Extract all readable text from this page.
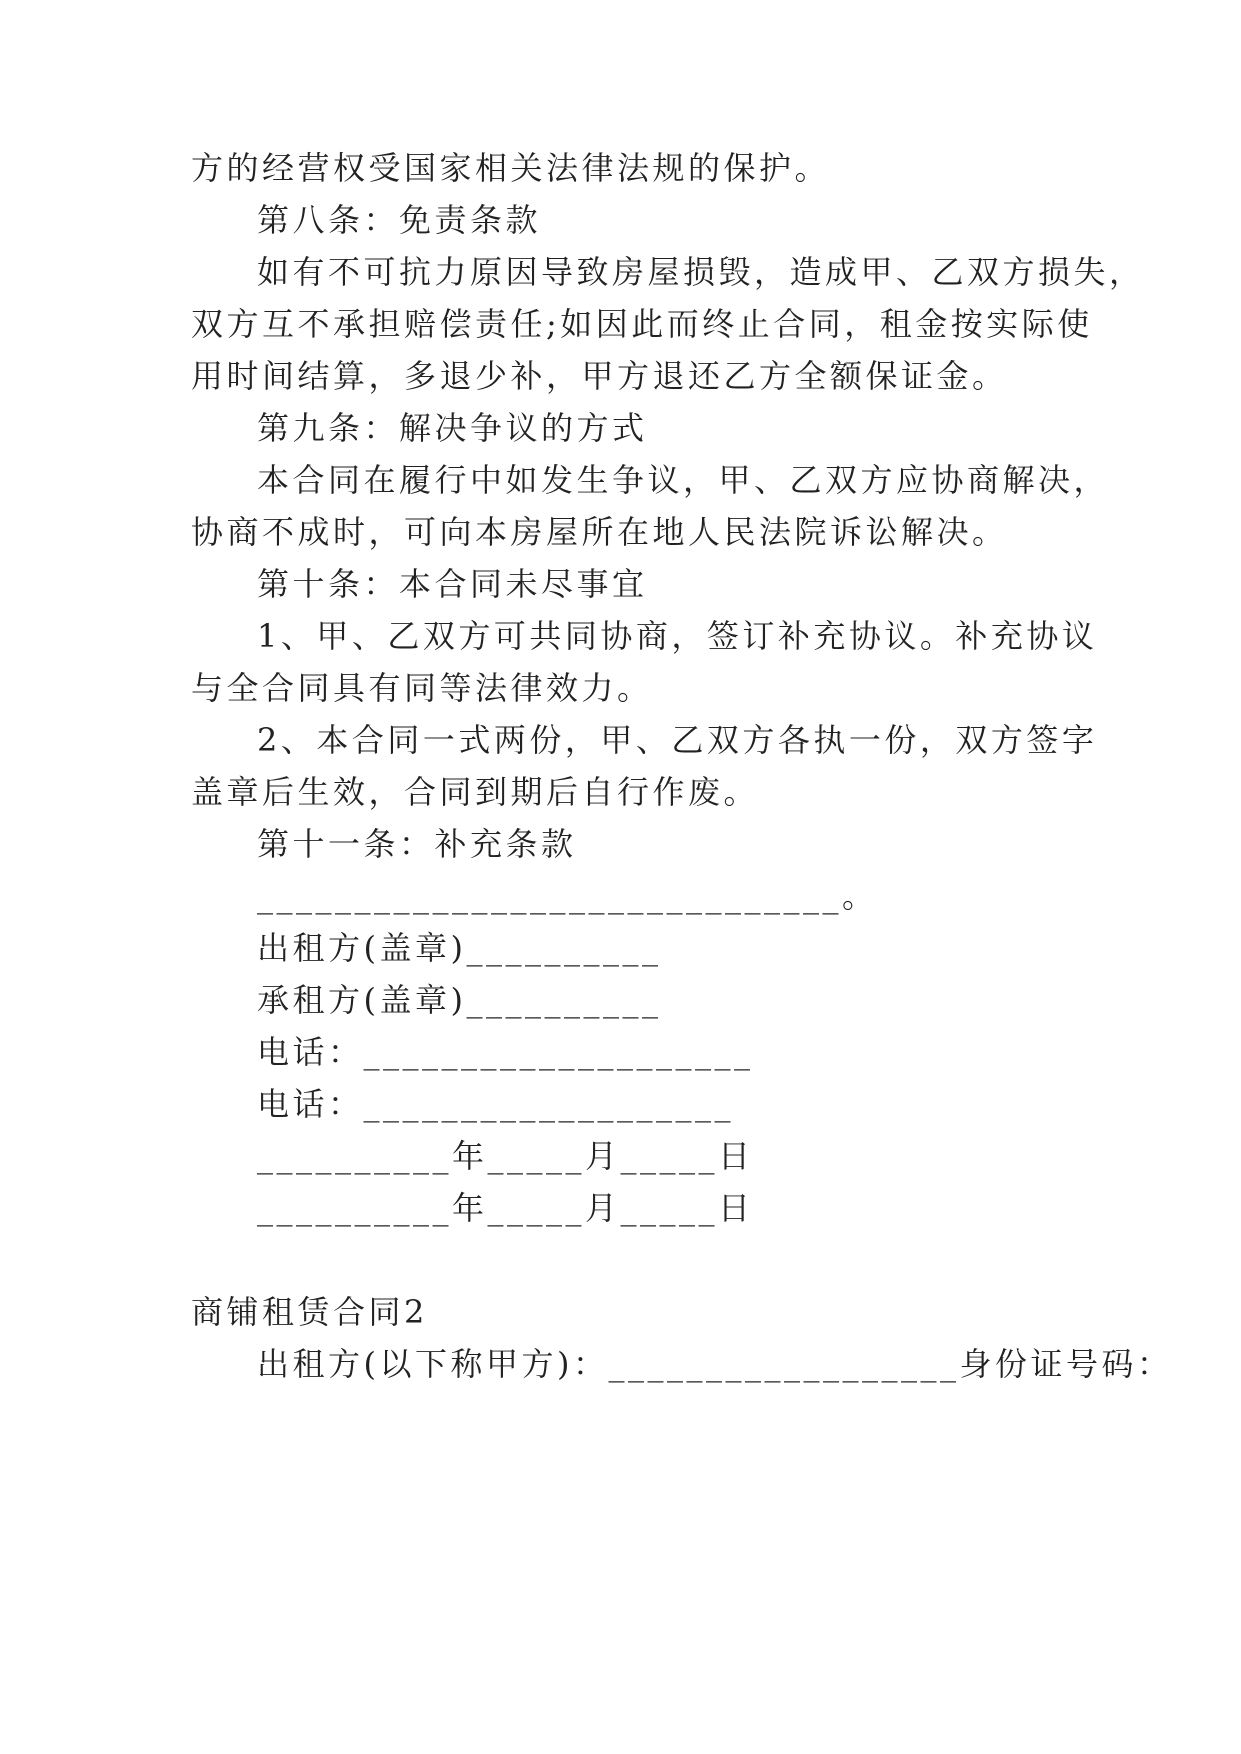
方的经营权受国家相关法律法规的保护。
第八条：免责条款
如有不可抗力原因导致房屋损毁，造成甲、乙双方损失，
双方互不承担赔偿责任;如因此而终止合同，租金按实际使
用时间结算，多退少补，甲方退还乙方全额保证金。
第九条：解决争议的方式
本合同在履行中如发生争议，甲、乙双方应协商解决，
协商不成时，可向本房屋所在地人民法院诉讼解决。
第十条：本合同未尽事宜
1、甲、乙双方可共同协商，签订补充协议。补充协议
与全合同具有同等法律效力。
2、本合同一式两份，甲、乙双方各执一份，双方签字
盖章后生效，合同到期后自行作废。
第十一条：补充条款
______________________________。
出租方(盖章)__________
承租方(盖章)__________
电话：____________________
电话：___________________
__________年_____月_____日
__________年_____月_____日
商铺租赁合同2
出租方(以下称甲方)：__________________身份证号码：
